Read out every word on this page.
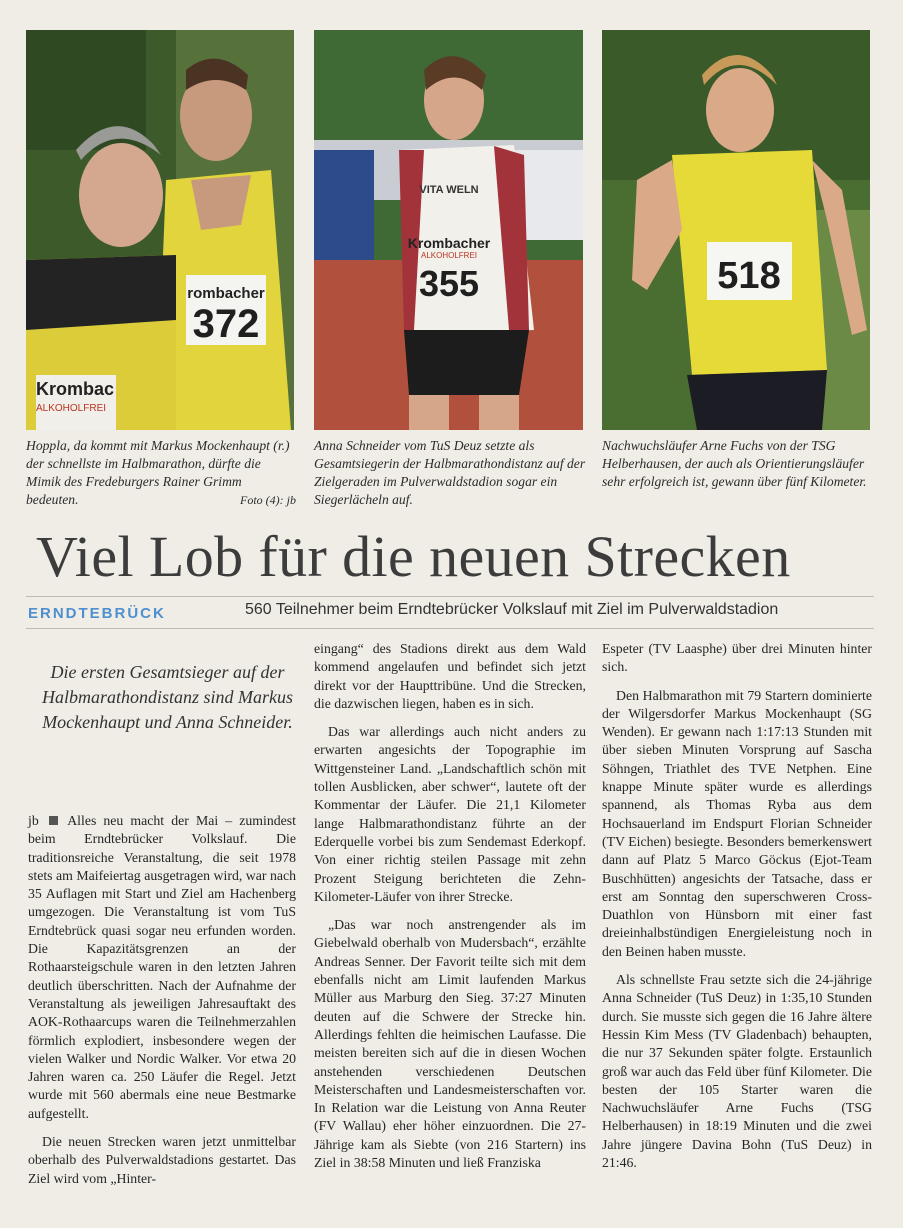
372
rombacher
Krombac
ALKOHOLFREI
VITA WELN
Krombacher
ALKOHOLFREI
355	518
Hoppla, da kommt mit Markus Mockenhaupt (r.) der schnellste im Halbmarathon, dürfte die Mimik des Fredeburgers Rainer Grimm bedeuten.	Foto (4): jb
Anna Schneider vom TuS Deuz setzte als Gesamtsiegerin der Halbmarathondistanz auf der Zielgeraden im Pulverwaldstadion sogar ein Siegerlächeln auf.
Nachwuchsläufer Arne Fuchs von der TSG Helberhausen, der auch als Orientierungsläufer sehr erfolgreich ist, gewann über fünf Kilometer.
Viel Lob für die neuen Strecken
ERNDTEBRÜCK	560 Teilnehmer beim Erndtebrücker Volkslauf mit Ziel im Pulverwaldstadion
Die ersten Gesamtsieger auf der Halbmarathondistanz sind Markus Mockenhaupt und Anna Schneider.

jb Alles neu macht der Mai – zumindest beim Erndtebrücker Volkslauf. Die traditionsreiche Veranstaltung, die seit 1978 stets am Maifeiertag ausgetragen wird, war nach 35 Auflagen mit Start und Ziel am Hachenberg umgezogen. Die Veranstaltung ist vom TuS Erndtebrück quasi sogar neu erfunden worden. Die Kapazitätsgrenzen an der Rothaarsteigschule waren in den letzten Jahren deutlich überschritten. Nach der Aufnahme der Veranstaltung als jeweiligen Jahresauftakt des AOK-Rothaarcups waren die Teilnehmerzahlen förmlich explodiert, insbesondere wegen der vielen Walker und Nordic Walker. Vor etwa 20 Jahren waren ca. 250 Läufer die Regel. Jetzt wurde mit 560 abermals eine neue Bestmarke aufgestellt.

Die neuen Strecken waren jetzt unmittelbar oberhalb des Pulverwaldstadions gestartet. Das Ziel wird vom „Hinter-

eingang“ des Stadions direkt aus dem Wald kommend angelaufen und befindet sich jetzt direkt vor der Haupttribüne. Und die Strecken, die dazwischen liegen, haben es in sich.

Das war allerdings auch nicht anders zu erwarten angesichts der Topographie im Wittgensteiner Land. „Landschaftlich schön mit tollen Ausblicken, aber schwer“, lautete oft der Kommentar der Läufer. Die 21,1 Kilometer lange Halbmarathondistanz führte an der Ederquelle vorbei bis zum Sendemast Ederkopf. Von einer richtig steilen Passage mit zehn Prozent Steigung berichteten die Zehn-Kilometer-Läufer von ihrer Strecke.

„Das war noch anstrengender als im Giebelwald oberhalb von Mudersbach“, erzählte Andreas Senner. Der Favorit teilte sich mit dem ebenfalls nicht am Limit laufenden Markus Müller aus Marburg den Sieg. 37:27 Minuten deuten auf die Schwere der Strecke hin. Allerdings fehlten die heimischen Laufasse. Die meisten bereiten sich auf die in diesen Wochen anstehenden verschiedenen Deutschen Meisterschaften und Landesmeisterschaften vor. In Relation war die Leistung von Anna Reuter (FV Wallau) eher höher einzuordnen. Die 27-Jährige kam als Siebte (von 216 Startern) ins Ziel in 38:58 Minuten und ließ Franziska

Espeter (TV Laasphe) über drei Minuten hinter sich.

Den Halbmarathon mit 79 Startern dominierte der Wilgersdorfer Markus Mockenhaupt (SG Wenden). Er gewann nach 1:17:13 Stunden mit über sieben Minuten Vorsprung auf Sascha Söhngen, Triathlet des TVE Netphen. Eine knappe Minute später wurde es allerdings spannend, als Thomas Ryba aus dem Hochsauerland im Endspurt Florian Schneider (TV Eichen) besiegte. Besonders bemerkenswert dann auf Platz 5 Marco Göckus (Ejot-Team Buschhütten) angesichts der Tatsache, dass er erst am Sonntag den superschweren Cross-Duathlon von Hünsborn mit einer fast dreieinhalbstündigen Energieleistung noch in den Beinen haben musste.

Als schnellste Frau setzte sich die 24-jährige Anna Schneider (TuS Deuz) in 1:35,10 Stunden durch. Sie musste sich gegen die 16 Jahre ältere Hessin Kim Mess (TV Gladenbach) behaupten, die nur 37 Sekunden später folgte. Erstaunlich groß war auch das Feld über fünf Kilometer. Die besten der 105 Starter waren die Nachwuchsläufer Arne Fuchs (TSG Helberhausen) in 18:19 Minuten und die zwei Jahre jüngere Davina Bohn (TuS Deuz) in 21:46.
